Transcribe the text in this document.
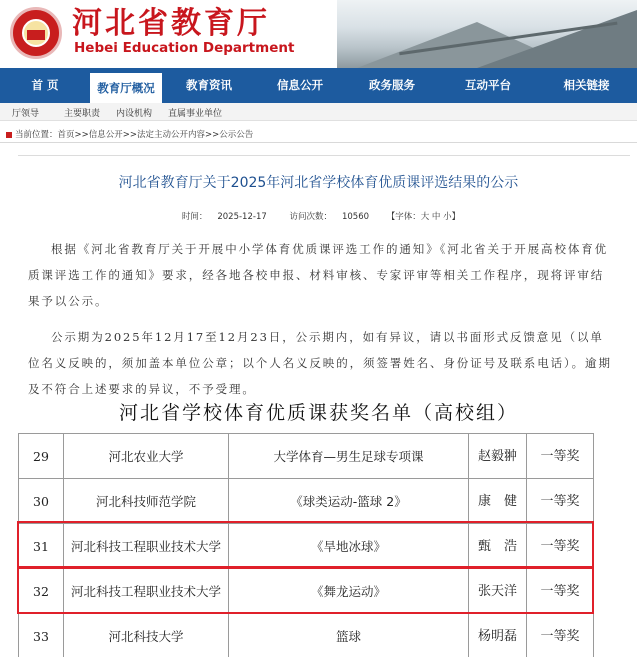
河北省教育厅
Hebei Education Department
首 页	教育厅概况	教育资讯	信息公开	政务服务	互动平台	相关链接
厅领导	主要职责 内设机构 直属事业单位
当前位置：首页>>信息公开>>法定主动公开内容>>公示公告
河北省教育厅关于2025年河北省学校体育优质课评选结果的公示
时间： 2025-12-17	访问次数： 10560 【字体：大 中 小】
根据《河北省教育厅关于开展中小学体育优质课评选工作的通知》《河北省关于开展高校体育优质课评选工作的通知》要求，经各地各校申报、材料审核、专家评审等相关工作程序，现将评审结果予以公示。
公示期为2025年12月17至12月23日，公示期内，如有异议，请以书面形式反馈意见（以单位名义反映的，须加盖本单位公章；以个人名义反映的，须签署姓名、身份证号及联系电话）。逾期及不符合上述要求的异议，不予受理。
河北省学校体育优质课获奖名单（高校组）
29	河北农业大学	大学体育—男生足球专项课	赵毅翀	一等奖
30	河北科技师范学院	《球类运动-篮球 2》	康　健	一等奖
31	河北科技工程职业技术大学	《旱地冰球》	甄　浩	一等奖
32	河北科技工程职业技术大学	《舞龙运动》	张天洋	一等奖
33	河北科技大学	篮球	杨明磊	一等奖
